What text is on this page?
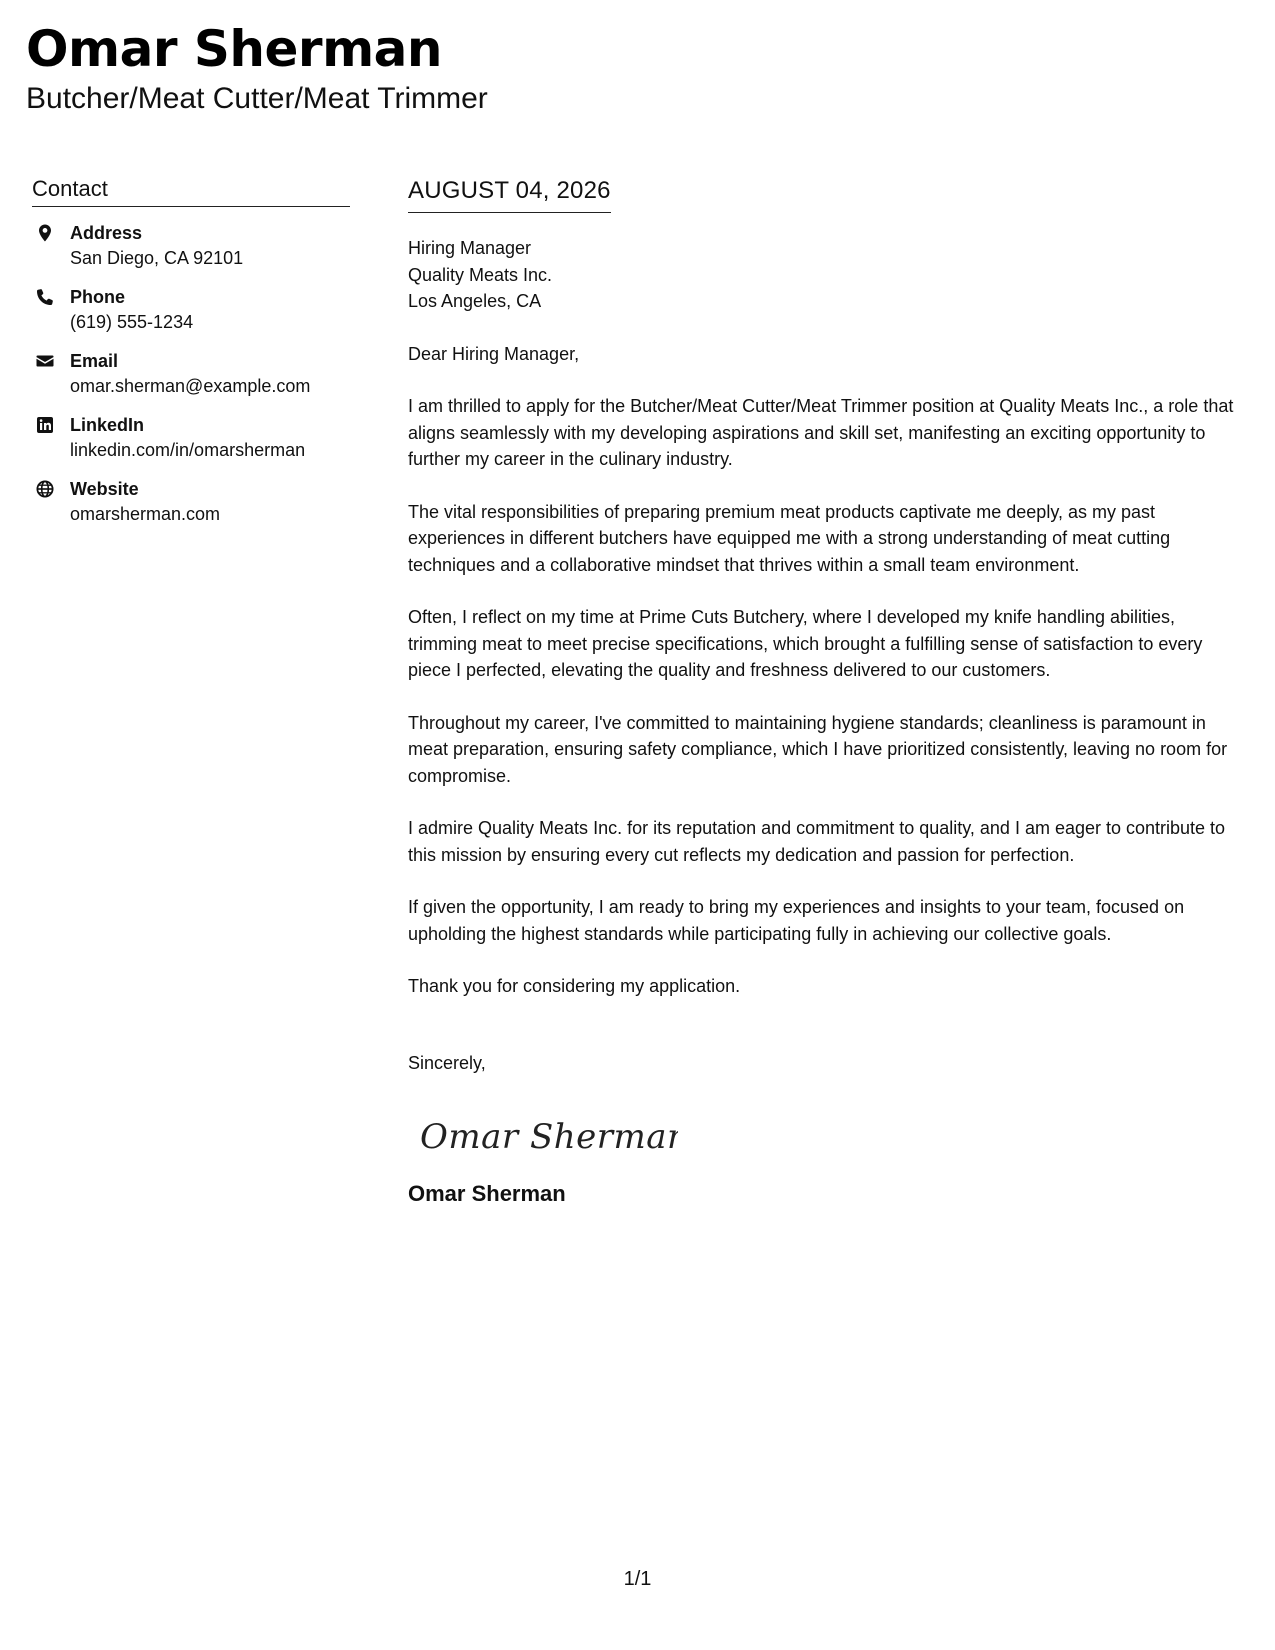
Omar Sherman
Butcher/Meat Cutter/Meat Trimmer
Contact
Address
San Diego, CA 92101
Phone
(619) 555-1234
Email
omar.sherman@example.com
LinkedIn
linkedin.com/in/omarsherman
Website
omarsherman.com
AUGUST 04, 2026
Hiring Manager
Quality Meats Inc.
Los Angeles, CA
Dear Hiring Manager,
I am thrilled to apply for the Butcher/Meat Cutter/Meat Trimmer position at Quality Meats Inc., a role that aligns seamlessly with my developing aspirations and skill set, manifesting an exciting opportunity to further my career in the culinary industry.
The vital responsibilities of preparing premium meat products captivate me deeply, as my past experiences in different butchers have equipped me with a strong understanding of meat cutting techniques and a collaborative mindset that thrives within a small team environment.
Often, I reflect on my time at Prime Cuts Butchery, where I developed my knife handling abilities, trimming meat to meet precise specifications, which brought a fulfilling sense of satisfaction to every piece I perfected, elevating the quality and freshness delivered to our customers.
Throughout my career, I've committed to maintaining hygiene standards; cleanliness is paramount in meat preparation, ensuring safety compliance, which I have prioritized consistently, leaving no room for compromise.
I admire Quality Meats Inc. for its reputation and commitment to quality, and I am eager to contribute to this mission by ensuring every cut reflects my dedication and passion for perfection.
If given the opportunity, I am ready to bring my experiences and insights to your team, focused on upholding the highest standards while participating fully in achieving our collective goals.
Thank you for considering my application.
Sincerely,
Omar Sherman
Omar Sherman
1/1
